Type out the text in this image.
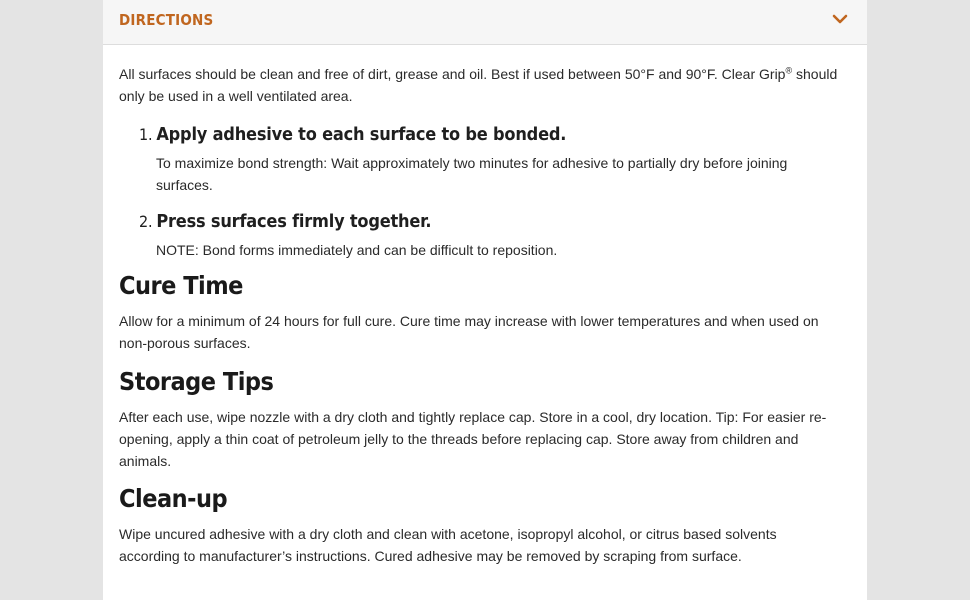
DIRECTIONS

All surfaces should be clean and free of dirt, grease and oil. Best if used between 50°F and 90°F. Clear Grip® should only be used in a well ventilated area.

1. Apply adhesive to each surface to be bonded.

To maximize bond strength: Wait approximately two minutes for adhesive to partially dry before joining surfaces.

2. Press surfaces firmly together.

NOTE: Bond forms immediately and can be difficult to reposition.

Cure Time

Allow for a minimum of 24 hours for full cure. Cure time may increase with lower temperatures and when used on non-porous surfaces.

Storage Tips

After each use, wipe nozzle with a dry cloth and tightly replace cap. Store in a cool, dry location. Tip: For easier re-opening, apply a thin coat of petroleum jelly to the threads before replacing cap. Store away from children and animals.

Clean-up

Wipe uncured adhesive with a dry cloth and clean with acetone, isopropyl alcohol, or citrus based solvents according to manufacturer’s instructions. Cured adhesive may be removed by scraping from surface.
